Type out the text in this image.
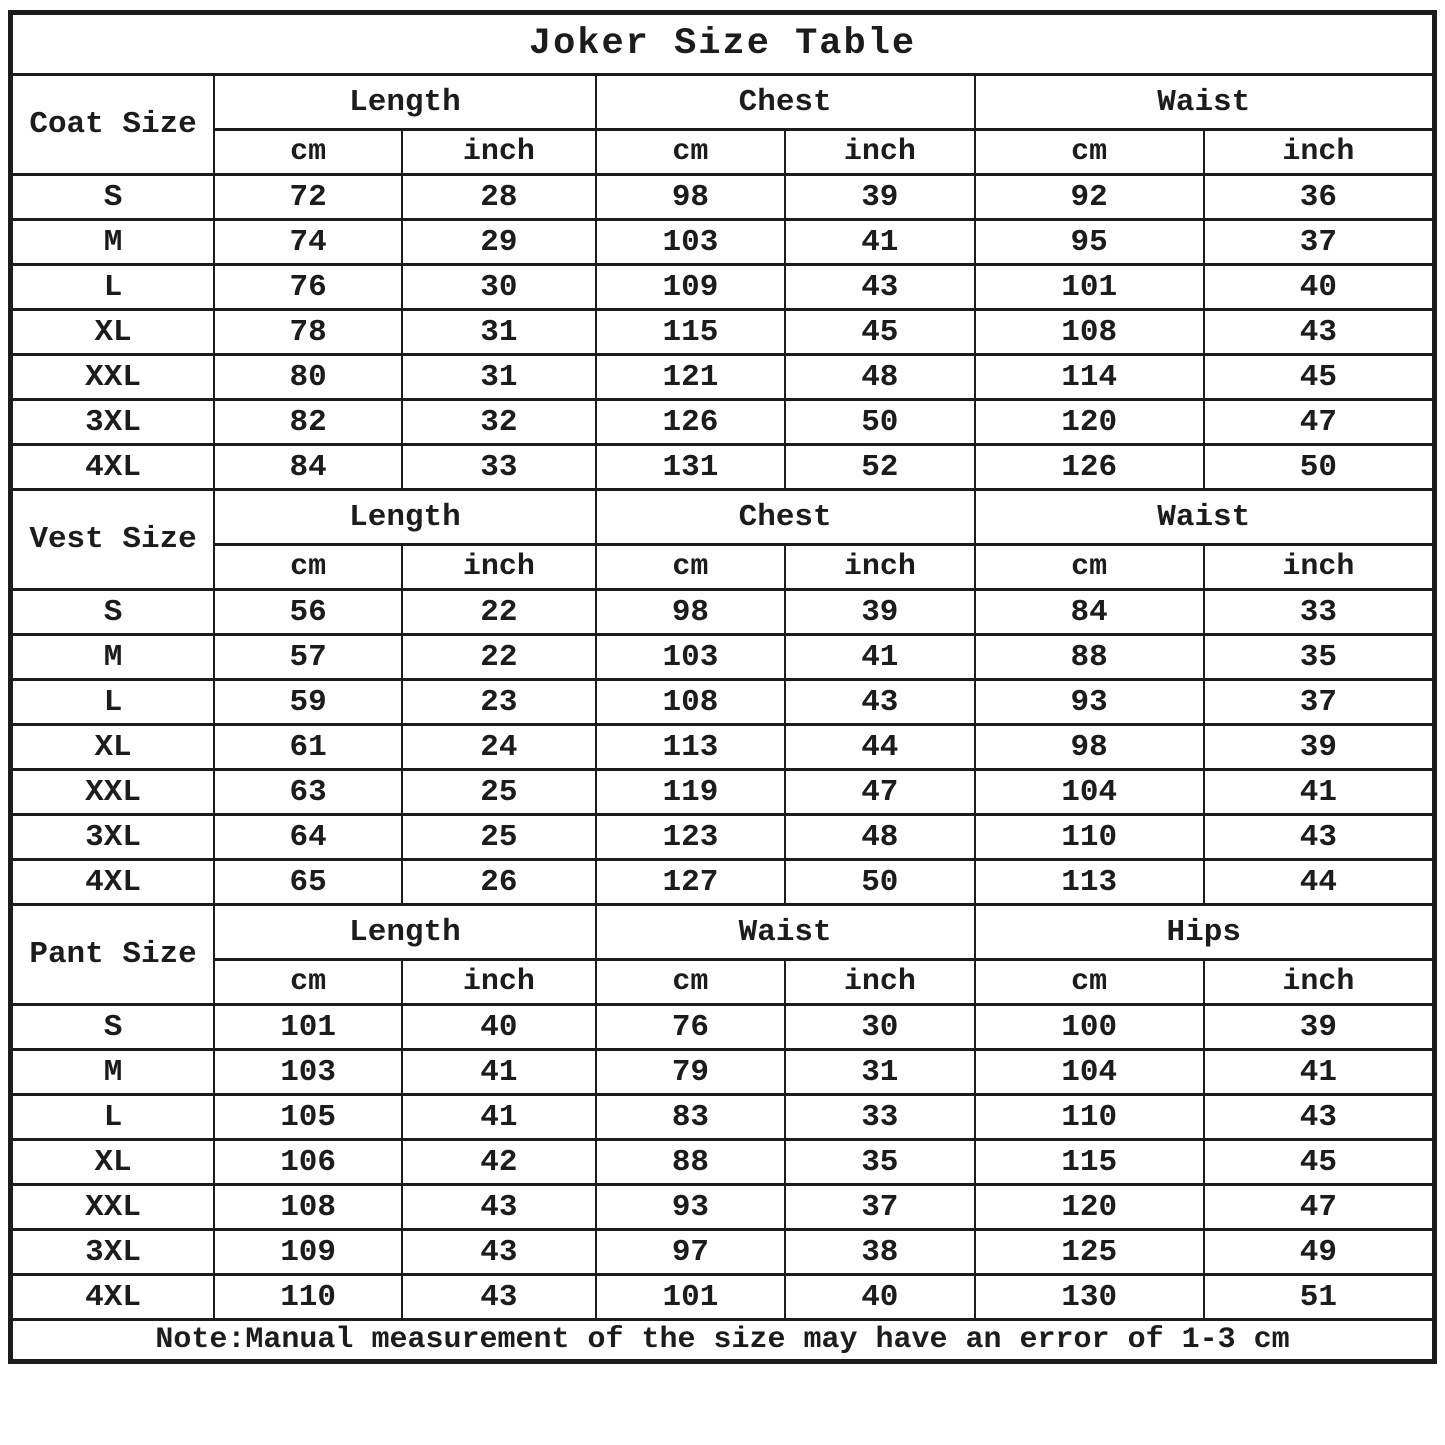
Joker Size Table						
Coat Size	Length		Chest		Waist	
	cm	inch	cm	inch	cm	inch
S	72	28	98	39	92	36
M	74	29	103	41	95	37
L	76	30	109	43	101	40
XL	78	31	115	45	108	43
XXL	80	31	121	48	114	45
3XL	82	32	126	50	120	47
4XL	84	33	131	52	126	50
Vest Size	Length		Chest		Waist	
	cm	inch	cm	inch	cm	inch
S	56	22	98	39	84	33
M	57	22	103	41	88	35
L	59	23	108	43	93	37
XL	61	24	113	44	98	39
XXL	63	25	119	47	104	41
3XL	64	25	123	48	110	43
4XL	65	26	127	50	113	44
Pant Size	Length		Waist		Hips	
	cm	inch	cm	inch	cm	inch
S	101	40	76	30	100	39
M	103	41	79	31	104	41
L	105	41	83	33	110	43
XL	106	42	88	35	115	45
XXL	108	43	93	37	120	47
3XL	109	43	97	38	125	49
4XL	110	43	101	40	130	51
Note:Manual measurement of the size may have an error of 1-3 cm						
